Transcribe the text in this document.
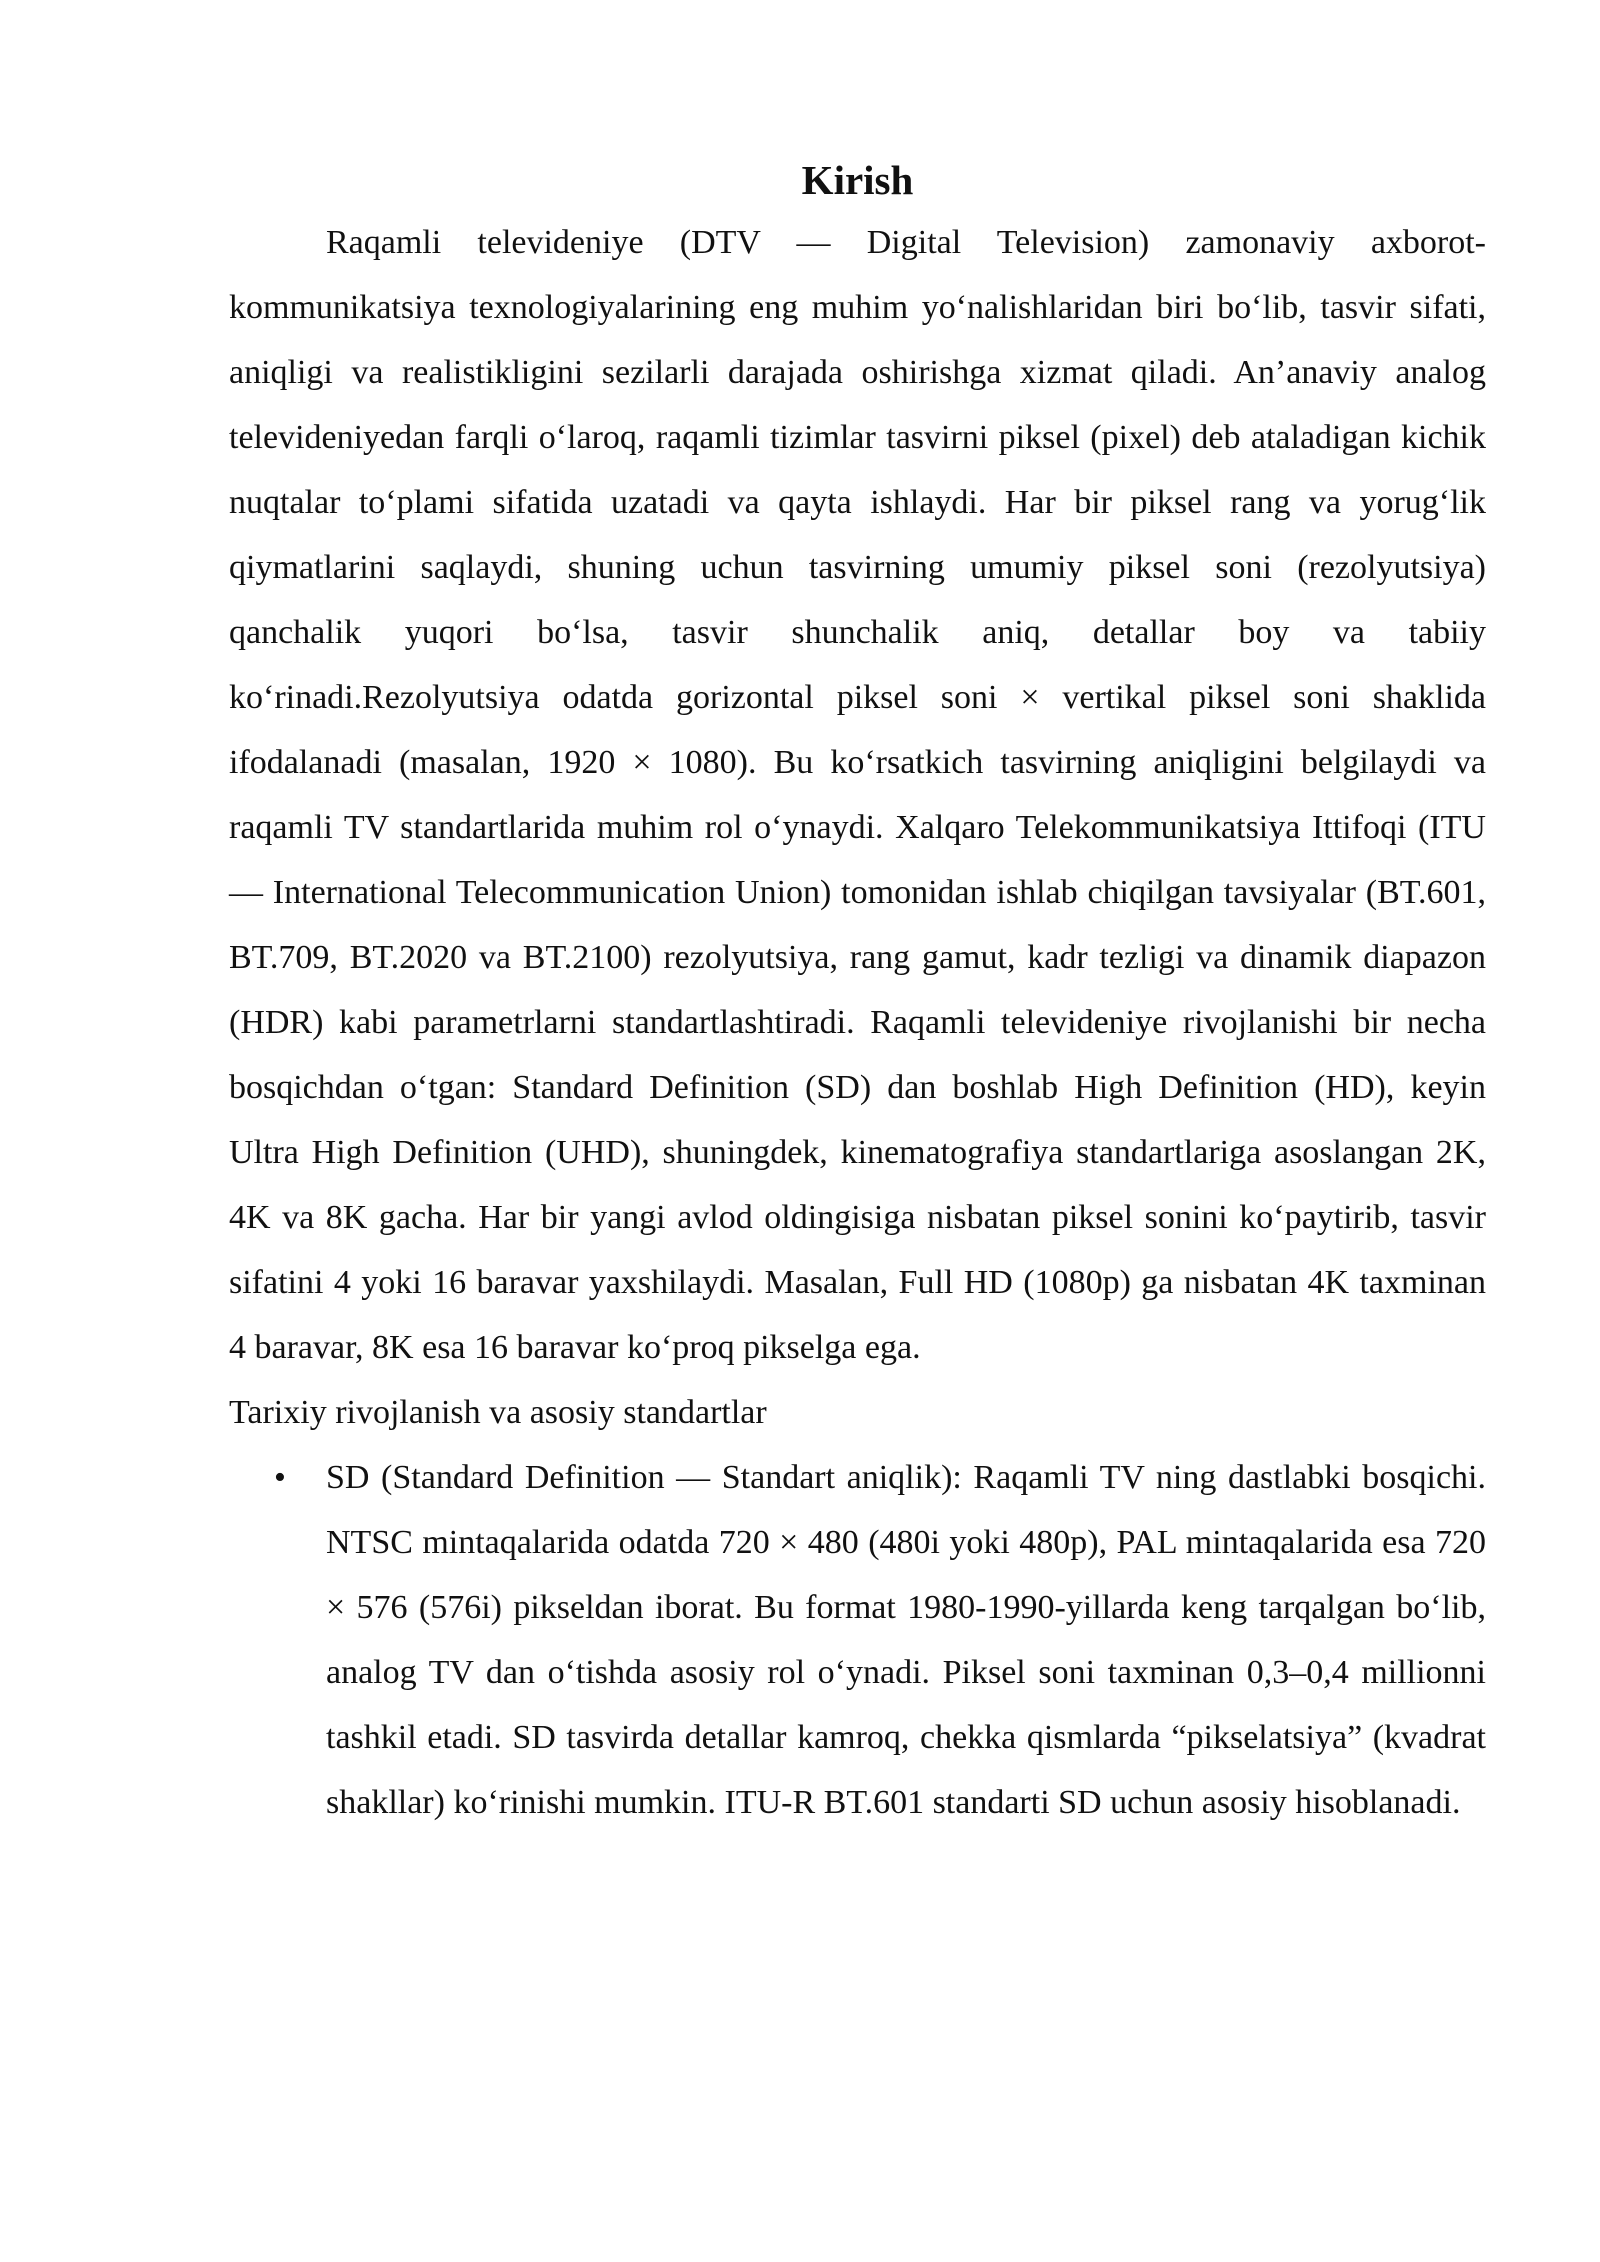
Kirish

Raqamli televideniye (DTV — Digital Television) zamonaviy axborot-kommunikatsiya texnologiyalarining eng muhim yo‘nalishlaridan biri bo‘lib, tasvir sifati, aniqligi va realistikligini sezilarli darajada oshirishga xizmat qiladi. An’anaviy analog televideniyedan farqli o‘laroq, raqamli tizimlar tasvirni piksel (pixel) deb ataladigan kichik nuqtalar to‘plami sifatida uzatadi va qayta ishlaydi. Har bir piksel rang va yorug‘lik qiymatlarini saqlaydi, shuning uchun tasvirning umumiy piksel soni (rezolyutsiya) qanchalik yuqori bo‘lsa, tasvir shunchalik aniq, detallar boy va tabiiy ko‘rinadi.Rezolyutsiya odatda gorizontal piksel soni × vertikal piksel soni shaklida ifodalanadi (masalan, 1920 × 1080). Bu ko‘rsatkich tasvirning aniqligini belgilaydi va raqamli TV standartlarida muhim rol o‘ynaydi. Xalqaro Telekommunikatsiya Ittifoqi (ITU — International Telecommunication Union) tomonidan ishlab chiqilgan tavsiyalar (BT.601, BT.709, BT.2020 va BT.2100) rezolyutsiya, rang gamut, kadr tezligi va dinamik diapazon (HDR) kabi parametrlarni standartlashtiradi. Raqamli televideniye rivojlanishi bir necha bosqichdan o‘tgan: Standard Definition (SD) dan boshlab High Definition (HD), keyin Ultra High Definition (UHD), shuningdek, kinematografiya standartlariga asoslangan 2K, 4K va 8K gacha. Har bir yangi avlod oldingisiga nisbatan piksel sonini ko‘paytirib, tasvir sifatini 4 yoki 16 baravar yaxshilaydi. Masalan, Full HD (1080p) ga nisbatan 4K taxminan 4 baravar, 8K esa 16 baravar ko‘proq pikselga ega.

Tarixiy rivojlanish va asosiy standartlar

• SD (Standard Definition — Standart aniqlik): Raqamli TV ning dastlabki bosqichi. NTSC mintaqalarida odatda 720 × 480 (480i yoki 480p), PAL mintaqalarida esa 720 × 576 (576i) pikseldan iborat. Bu format 1980-1990-yillarda keng tarqalgan bo‘lib, analog TV dan o‘tishda asosiy rol o‘ynadi. Piksel soni taxminan 0,3–0,4 millionni tashkil etadi. SD tasvirda detallar kamroq, chekka qismlarda “pikselatsiya” (kvadrat shakllar) ko‘rinishi mumkin. ITU-R BT.601 standarti SD uchun asosiy hisoblanadi.
